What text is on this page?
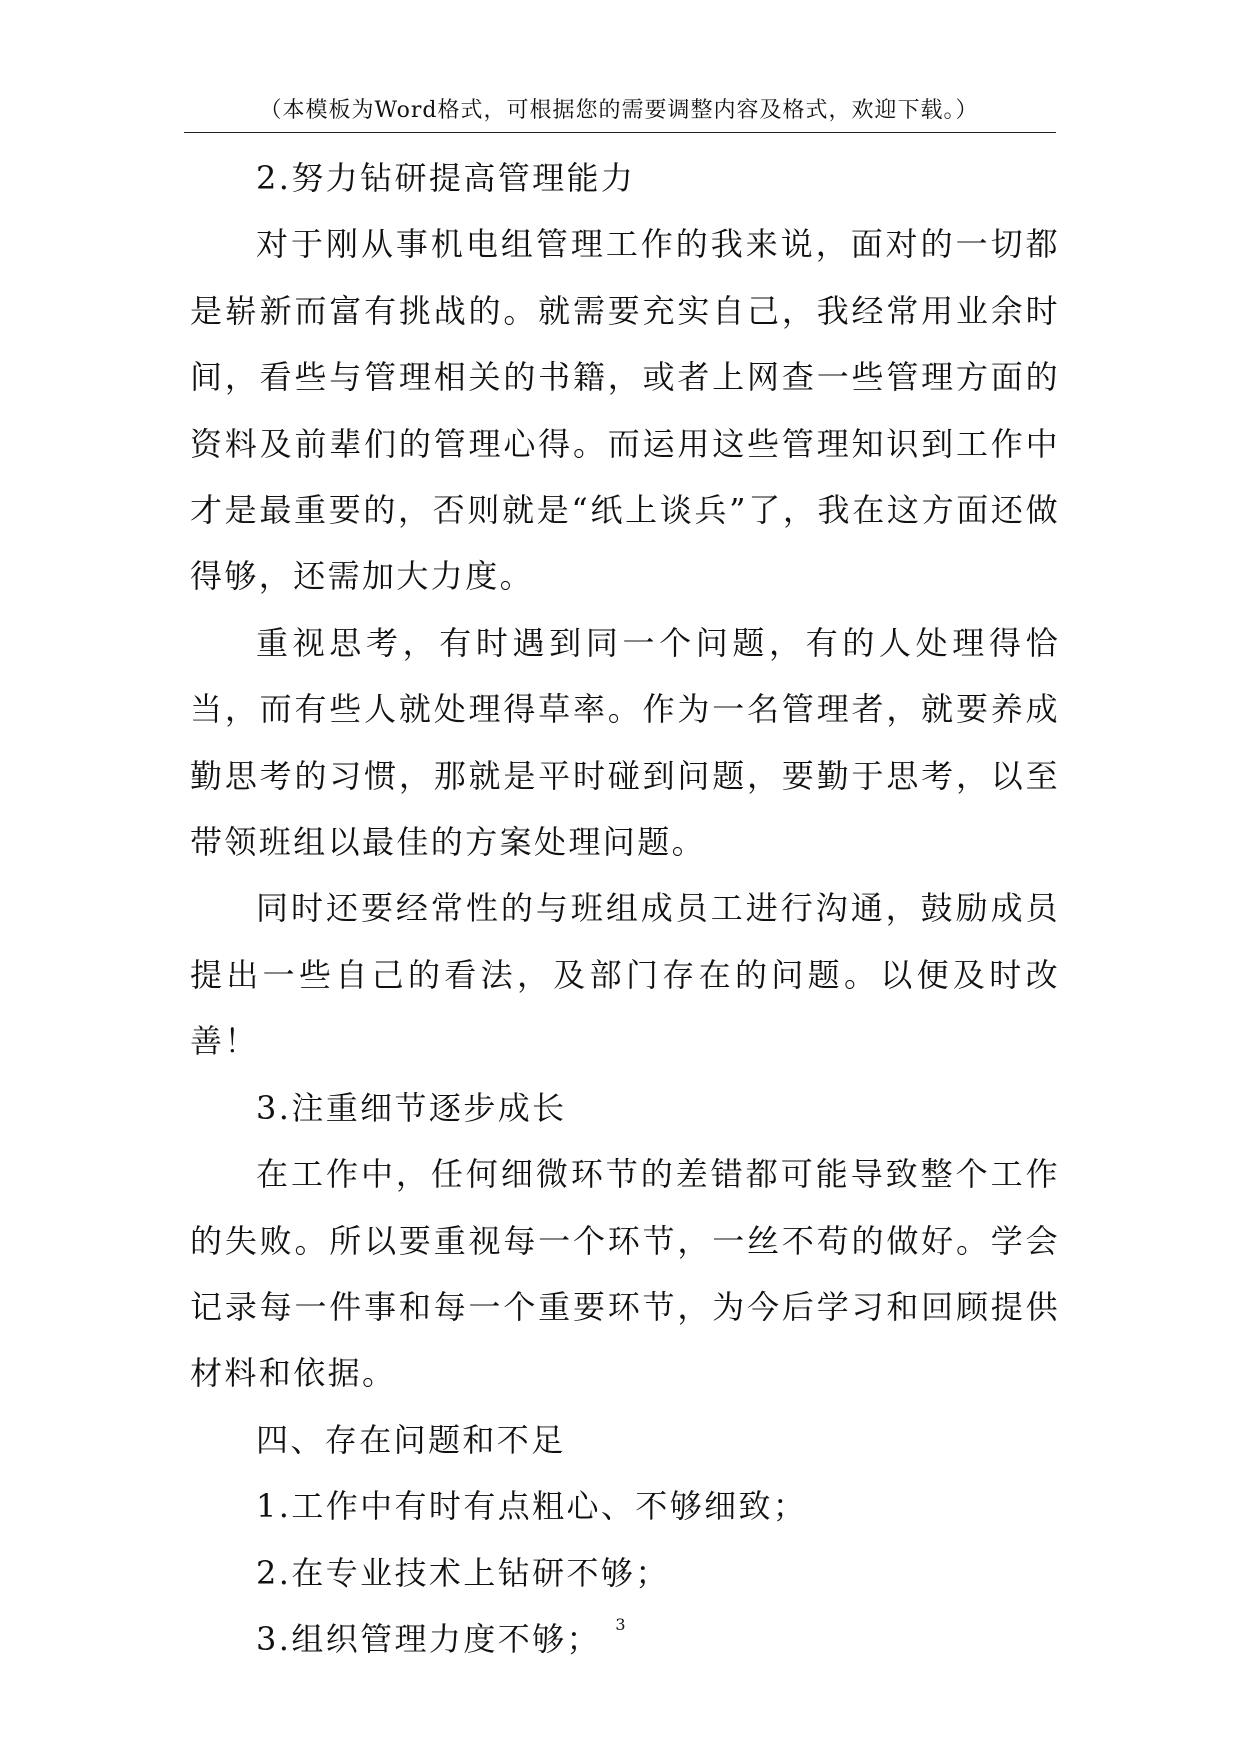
（本模板为Word格式，可根据您的需要调整内容及格式，欢迎下载。）

2.努力钻研提高管理能力

对于刚从事机电组管理工作的我来说，面对的一切都是崭新而富有挑战的。就需要充实自己，我经常用业余时间，看些与管理相关的书籍，或者上网查一些管理方面的资料及前辈们的管理心得。而运用这些管理知识到工作中才是最重要的，否则就是“纸上谈兵”了，我在这方面还做得够，还需加大力度。

重视思考，有时遇到同一个问题，有的人处理得恰当，而有些人就处理得草率。作为一名管理者，就要养成勤思考的习惯，那就是平时碰到问题，要勤于思考，以至带领班组以最佳的方案处理问题。

同时还要经常性的与班组成员工进行沟通，鼓励成员提出一些自己的看法，及部门存在的问题。以便及时改善！

3.注重细节逐步成长

在工作中，任何细微环节的差错都可能导致整个工作的失败。所以要重视每一个环节，一丝不苟的做好。学会记录每一件事和每一个重要环节，为今后学习和回顾提供材料和依据。

四、存在问题和不足

1.工作中有时有点粗心、不够细致；

2.在专业技术上钻研不够；

3.组织管理力度不够； 3
